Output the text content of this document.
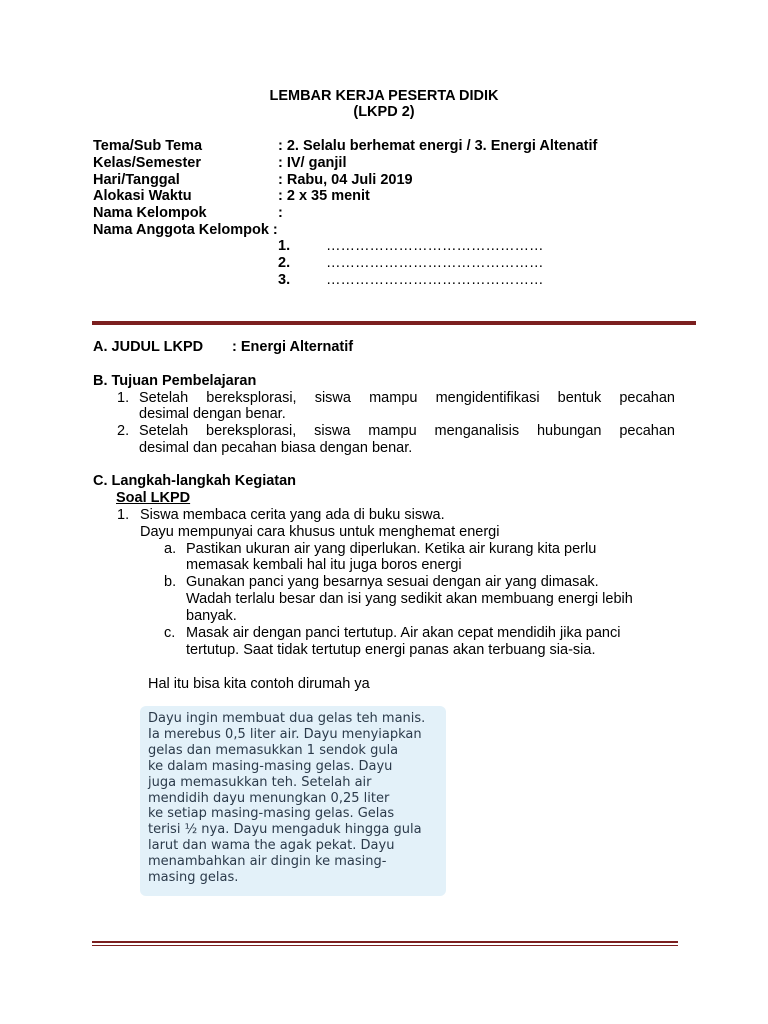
LEMBAR KERJA PESERTA DIDIK
(LKPD 2)
Tema/Sub Tema	: 2. Selalu berhemat energi / 3. Energi Altenatif
Kelas/Semester	: IV/ ganjil
Hari/Tanggal	: Rabu, 04 Juli 2019
Alokasi Waktu	: 2 x 35 menit
Nama Kelompok	:
Nama Anggota Kelompok :
1. ………………………………………
2. ………………………………………
3. ………………………………………
A. JUDUL LKPD : Energi Alternatif
B. Tujuan Pembelajaran
1. Setelah bereksplorasi, siswa mampu mengidentifikasi bentuk pecahan
desimal dengan benar.
2. Setelah bereksplorasi, siswa mampu menganalisis hubungan pecahan
desimal dan pecahan biasa dengan benar.
C. Langkah-langkah Kegiatan
Soal LKPD
1. Siswa membaca cerita yang ada di buku siswa.
Dayu mempunyai cara khusus untuk menghemat energi
a. Pastikan ukuran air yang diperlukan. Ketika air kurang kita perlu
memasak kembali hal itu juga boros energi
b. Gunakan panci yang besarnya sesuai dengan air yang dimasak.
Wadah terlalu besar dan isi yang sedikit akan membuang energi lebih
banyak.
c. Masak air dengan panci tertutup. Air akan cepat mendidih jika panci
tertutup. Saat tidak tertutup energi panas akan terbuang sia-sia.
Hal itu bisa kita contoh dirumah ya
Dayu ingin membuat dua gelas teh manis.
Ia merebus 0,5 liter air. Dayu menyiapkan
gelas dan memasukkan 1 sendok gula
ke dalam masing-masing gelas. Dayu
juga memasukkan teh. Setelah air
mendidih dayu menungkan 0,25 liter
ke setiap masing-masing gelas. Gelas
terisi ½ nya. Dayu mengaduk hingga gula
larut dan wama the agak pekat. Dayu
menambahkan air dingin ke masing-
masing gelas.
